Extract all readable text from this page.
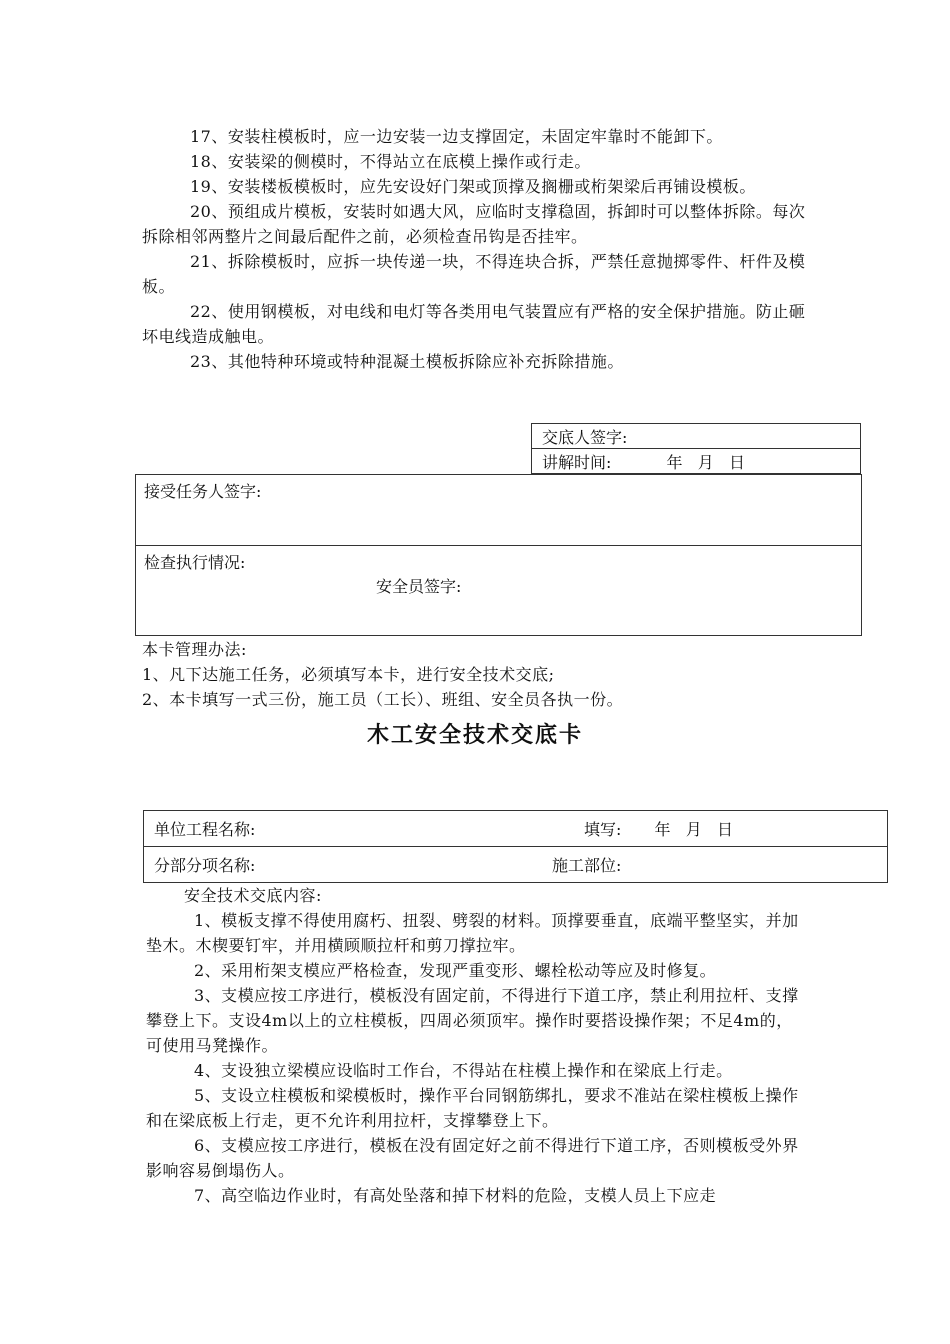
17、安装柱模板时，应一边安装一边支撑固定，未固定牢靠时不能卸下。

18、安装梁的侧模时，不得站立在底模上操作或行走。

19、安装楼板模板时，应先安设好门架或顶撑及搁栅或桁架梁后再铺设模板。

20、预组成片模板，安装时如遇大风，应临时支撑稳固，拆卸时可以整体拆除。每次拆除相邻两整片之间最后配件之前，必须检查吊钩是否挂牢。

21、拆除模板时，应拆一块传递一块，不得连块合拆，严禁任意抛掷零件、杆件及模板。

22、使用钢模板，对电线和电灯等各类用电气装置应有严格的安全保护措施。防止砸坏电线造成触电。

23、其他特种环境或特种混凝土模板拆除应补充拆除措施。

交底人签字:
讲解时间:	年   月   日
接受任务人签字:
检查执行情况:
安全员签字:

本卡管理办法:

1、凡下达施工任务，必须填写本卡，进行安全技术交底;

2、本卡填写一式三份，施工员（工长）、班组、安全员各执一份。

木工安全技术交底卡
单位工程名称:	填写: 年   月   日
分部分项名称:	施工部位:

安全技术交底内容:

1、模板支撑不得使用腐朽、扭裂、劈裂的材料。顶撑要垂直，底端平整坚实，并加垫木。木楔要钉牢，并用横顾顺拉杆和剪刀撑拉牢。

2、采用桁架支模应严格检查，发现严重变形、螺栓松动等应及时修复。

3、支模应按工序进行，模板没有固定前，不得进行下道工序，禁止利用拉杆、支撑攀登上下。支设4m以上的立柱模板，四周必须顶牢。操作时要搭设操作架；不足4m的，可使用马凳操作。

4、支设独立梁模应设临时工作台，不得站在柱模上操作和在梁底上行走。

5、支设立柱模板和梁模板时，操作平台同钢筋绑扎，要求不准站在梁柱模板上操作和在梁底板上行走，更不允许利用拉杆，支撑攀登上下。

6、支模应按工序进行，模板在没有固定好之前不得进行下道工序，否则模板受外界影响容易倒塌伤人。

7、高空临边作业时，有高处坠落和掉下材料的危险，支模人员上下应走
